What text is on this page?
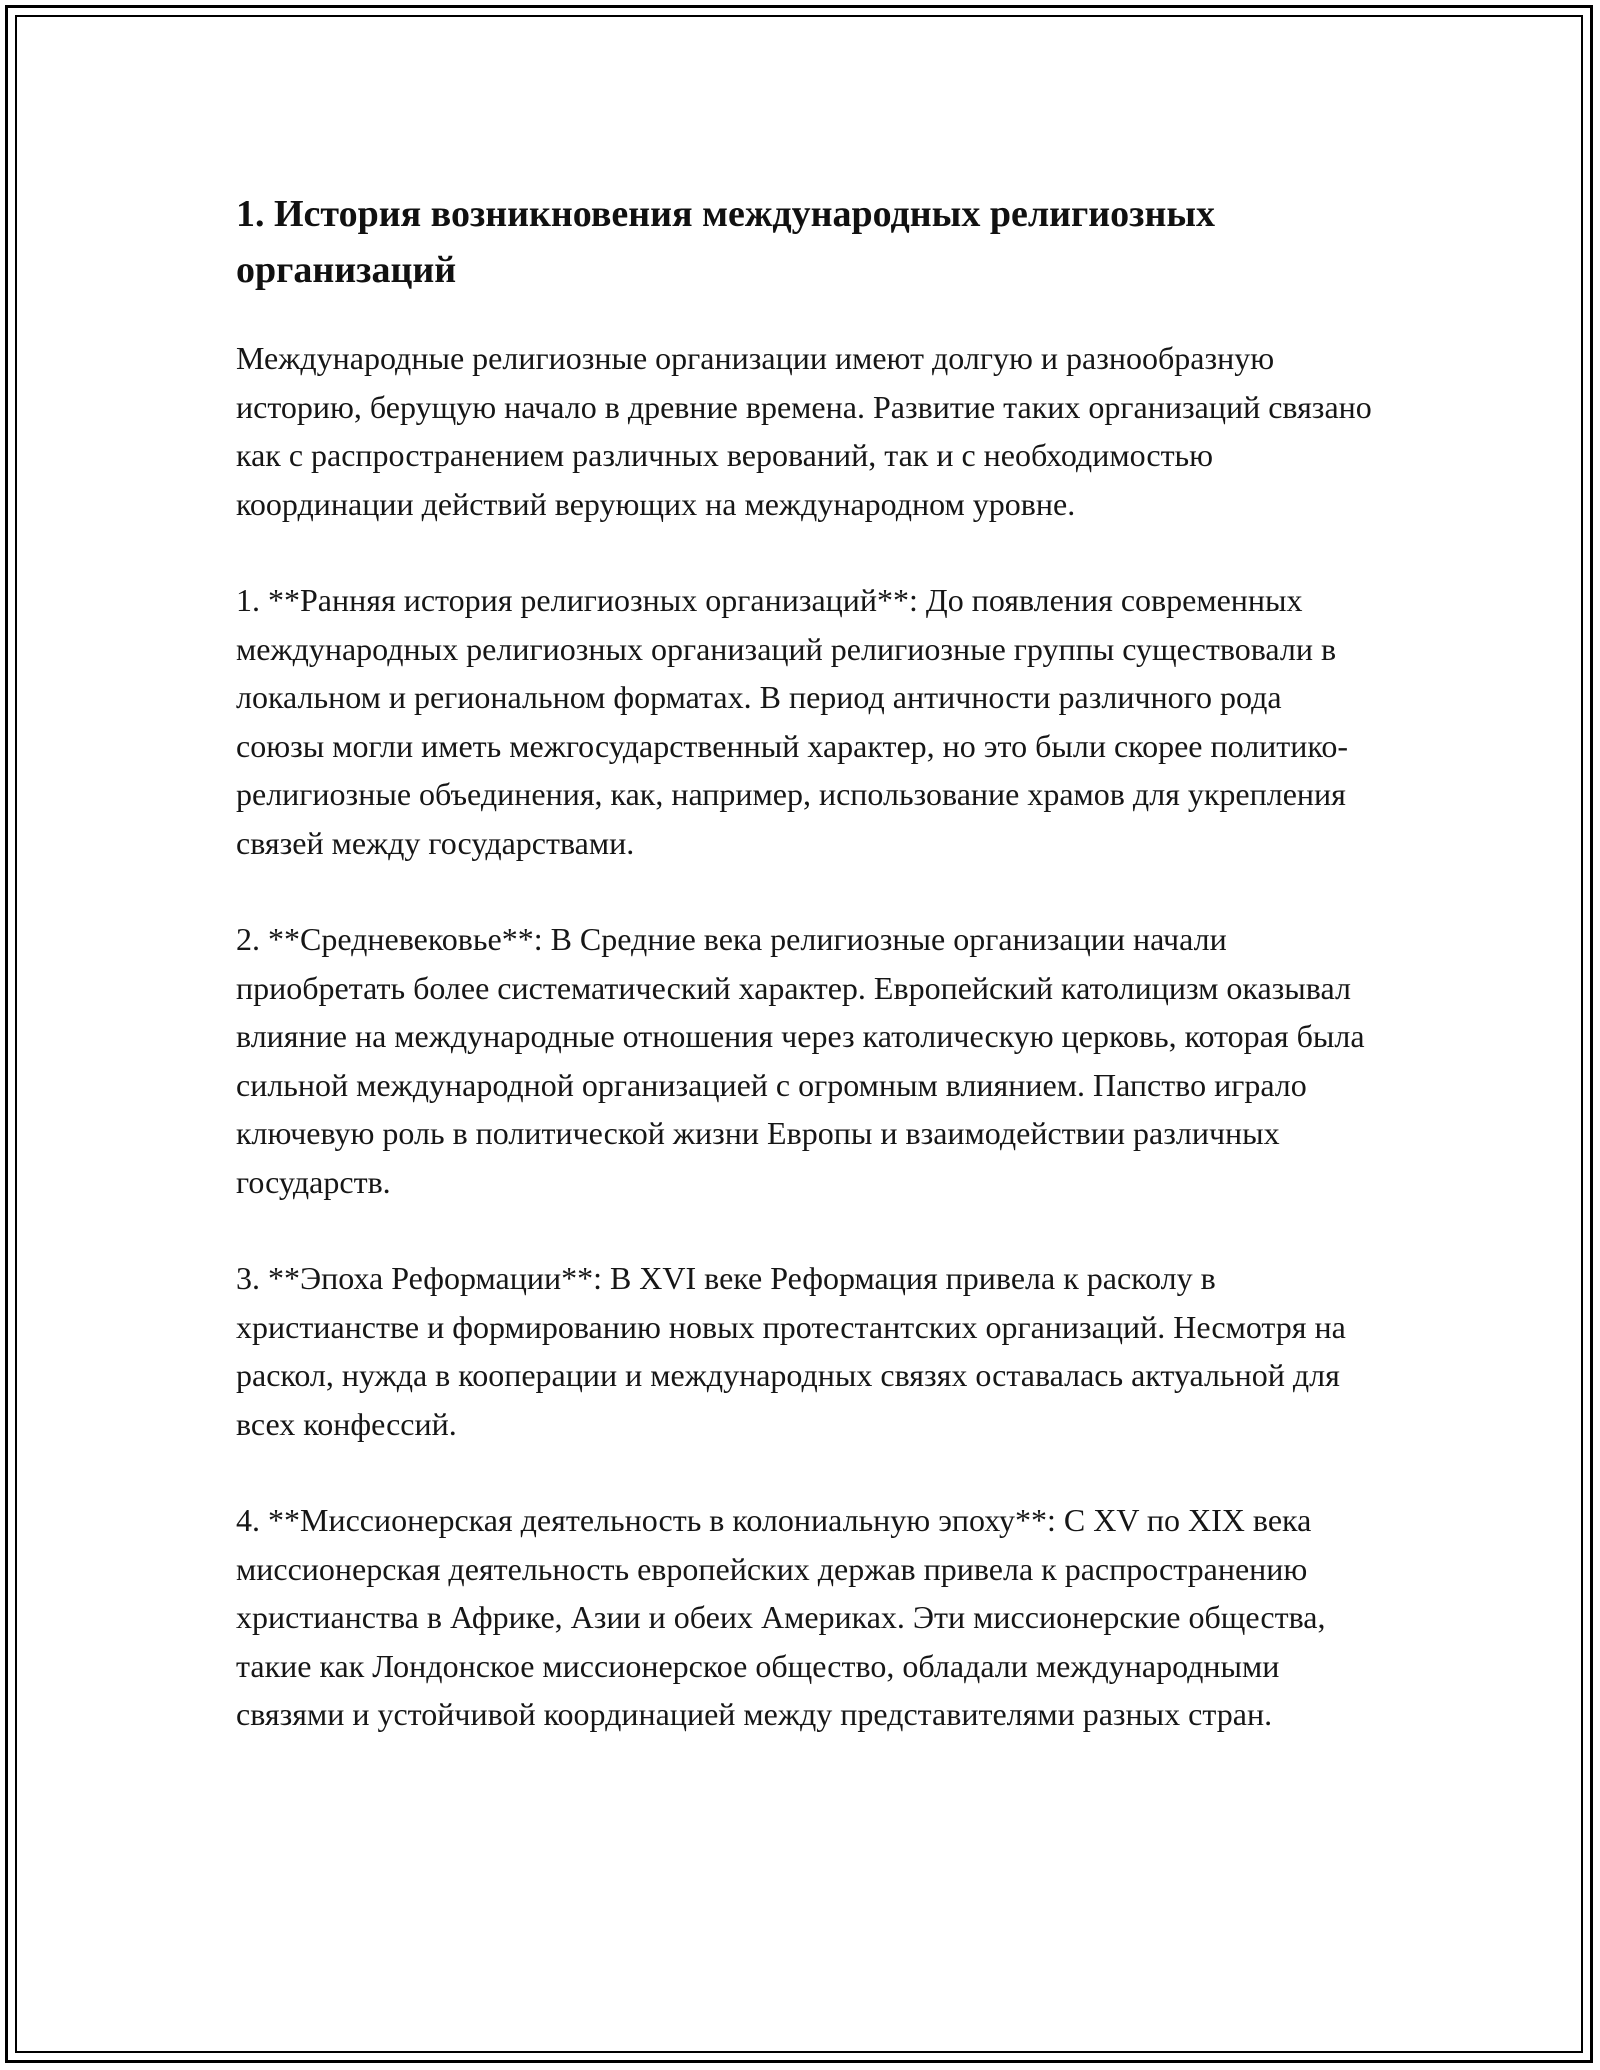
1. История возникновения международных религиозных организаций

Международные религиозные организации имеют долгую и разнообразную историю, берущую начало в древние времена. Развитие таких организаций связано как с распространением различных верований, так и с необходимостью координации действий верующих на международном уровне.

1. **Ранняя история религиозных организаций**: До появления современных международных религиозных организаций религиозные группы существовали в локальном и региональном форматах. В период античности различного рода союзы могли иметь межгосударственный характер, но это были скорее политико-религиозные объединения, как, например, использование храмов для укрепления связей между государствами.

2. **Средневековье**: В Средние века религиозные организации начали приобретать более систематический характер. Европейский католицизм оказывал влияние на международные отношения через католическую церковь, которая была сильной международной организацией с огромным влиянием. Папство играло ключевую роль в политической жизни Европы и взаимодействии различных государств.

3. **Эпоха Реформации**: В XVI веке Реформация привела к расколу в христианстве и формированию новых протестантских организаций. Несмотря на раскол, нужда в кооперации и международных связях оставалась актуальной для всех конфессий.

4. **Миссионерская деятельность в колониальную эпоху**: С XV по XIX века миссионерская деятельность европейских держав привела к распространению христианства в Африке, Азии и обеих Америках. Эти миссионерские общества, такие как Лондонское миссионерское общество, обладали международными связями и устойчивой координацией между представителями разных стран.
